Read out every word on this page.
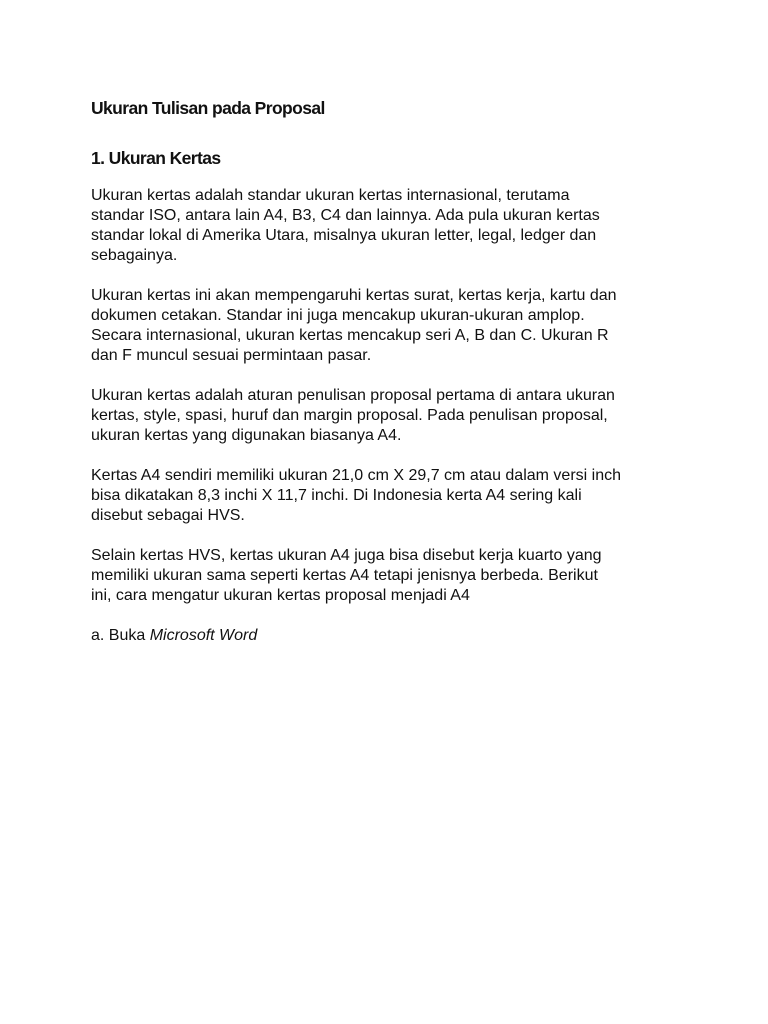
Ukuran Tulisan pada Proposal
1. Ukuran Kertas

Ukuran kertas adalah standar ukuran kertas internasional, terutama
standar ISO, antara lain A4, B3, C4 dan lainnya. Ada pula ukuran kertas
standar lokal di Amerika Utara, misalnya ukuran letter, legal, ledger dan
sebagainya.

Ukuran kertas ini akan mempengaruhi kertas surat, kertas kerja, kartu dan
dokumen cetakan. Standar ini juga mencakup ukuran-ukuran amplop.
Secara internasional, ukuran kertas mencakup seri A, B dan C. Ukuran R
dan F muncul sesuai permintaan pasar.

Ukuran kertas adalah aturan penulisan proposal pertama di antara ukuran
kertas, style, spasi, huruf dan margin proposal. Pada penulisan proposal,
ukuran kertas yang digunakan biasanya A4.

Kertas A4 sendiri memiliki ukuran 21,0 cm X 29,7 cm atau dalam versi inch
bisa dikatakan 8,3 inchi X 11,7 inchi. Di Indonesia kerta A4 sering kali
disebut sebagai HVS.

Selain kertas HVS, kertas ukuran A4 juga bisa disebut kerja kuarto yang
memiliki ukuran sama seperti kertas A4 tetapi jenisnya berbeda. Berikut
ini, cara mengatur ukuran kertas proposal menjadi A4

a. Buka Microsoft Word
